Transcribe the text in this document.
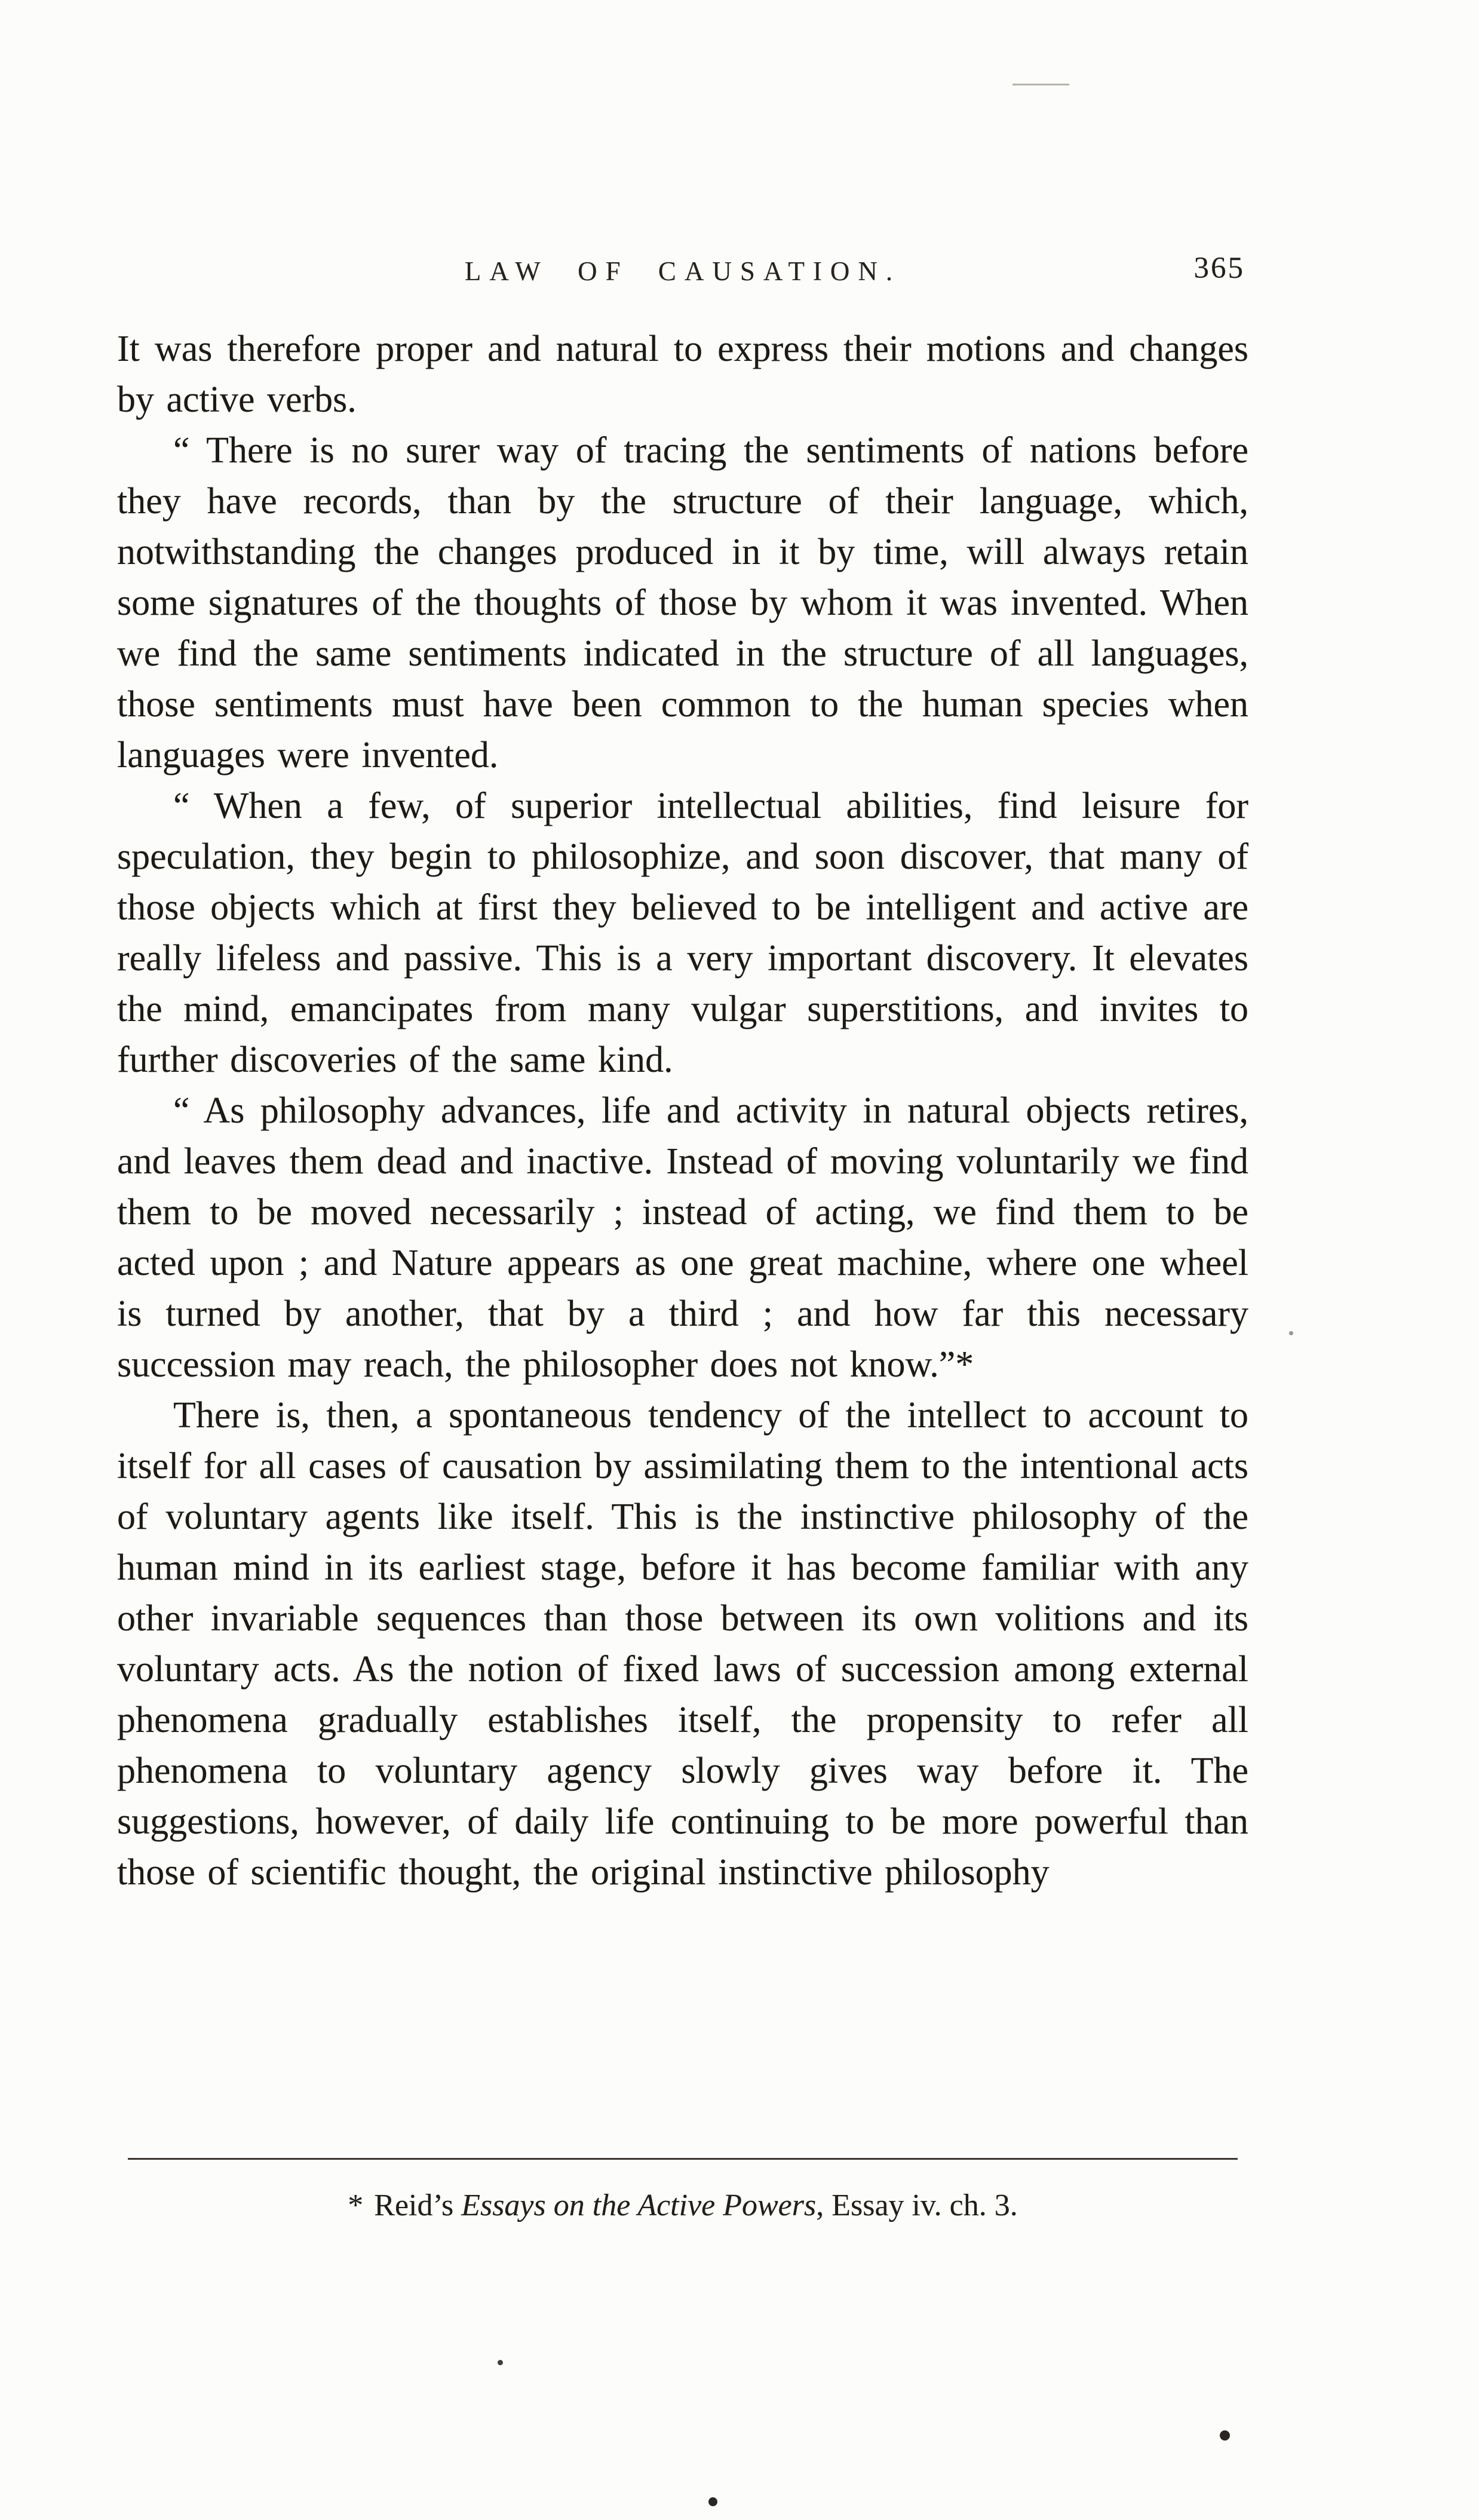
LAW OF CAUSATION.	365

It was therefore proper and natural to express their motions and changes by active verbs.

“ There is no surer way of tracing the sentiments of nations before they have records, than by the structure of their language, which, notwithstanding the changes produced in it by time, will always retain some signatures of the thoughts of those by whom it was invented. When we find the same sentiments indicated in the structure of all languages, those sentiments must have been common to the human species when languages were invented.

“ When a few, of superior intellectual abilities, find leisure for speculation, they begin to philosophize, and soon discover, that many of those objects which at first they believed to be intelligent and active are really lifeless and passive. This is a very important discovery. It elevates the mind, emancipates from many vulgar superstitions, and invites to further discoveries of the same kind.

“ As philosophy advances, life and activity in natural objects retires, and leaves them dead and inactive. Instead of moving voluntarily we find them to be moved necessarily ; instead of acting, we find them to be acted upon ; and Nature appears as one great machine, where one wheel is turned by another, that by a third ; and how far this necessary succession may reach, the philosopher does not know.”*

There is, then, a spontaneous tendency of the intellect to account to itself for all cases of causation by assimilating them to the intentional acts of voluntary agents like itself. This is the instinctive philosophy of the human mind in its earliest stage, before it has become familiar with any other invariable sequences than those between its own volitions and its voluntary acts. As the notion of fixed laws of succession among external phenomena gradually establishes itself, the propensity to refer all phenomena to voluntary agency slowly gives way before it. The suggestions, however, of daily life continuing to be more powerful than those of scientific thought, the original instinctive philosophy

* Reid’s Essays on the Active Powers, Essay iv. ch. 3.
